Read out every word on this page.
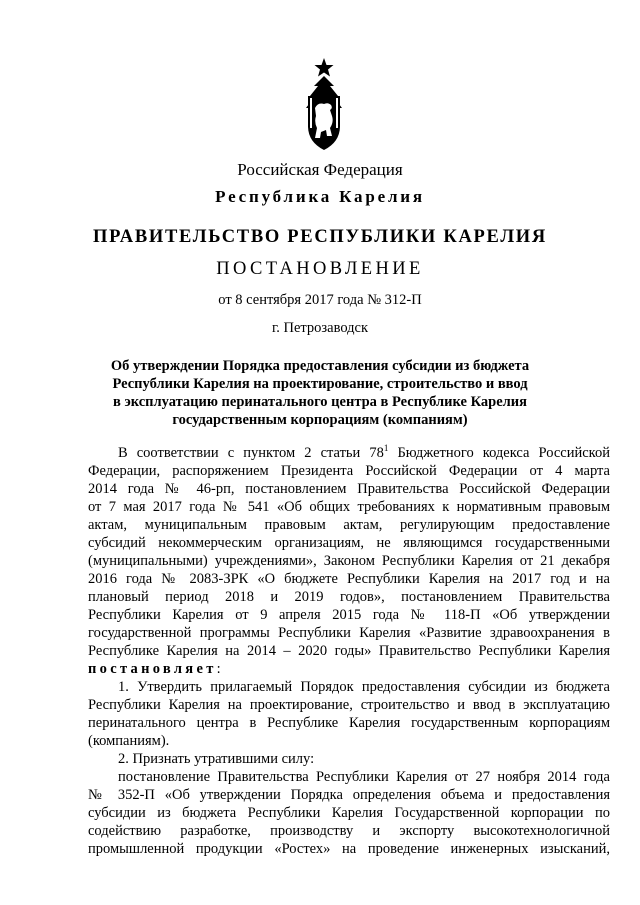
Российская Федерация
Республика Карелия
ПРАВИТЕЛЬСТВО РЕСПУБЛИКИ КАРЕЛИЯ
ПОСТАНОВЛЕНИЕ
от 8 сентября 2017 года № 312-П
г. Петрозаводск
Об утверждении Порядка предоставления субсидии из бюджета
Республики Карелия на проектирование, строительство и ввод
в эксплуатацию перинатального центра в Республике Карелия
государственным корпорациям (компаниям)
В соответствии с пунктом 2 статьи $78^1$ Бюджетного кодекса Российской
Федерации, распоряжением Президента Российской Федерации от 4 марта
2014 года № 46-рп, постановлением Правительства Российской Федерации
от 7 мая 2017 года № 541 «Об общих требованиях к нормативным правовым
актам, муниципальным правовым актам, регулирующим предоставление
субсидий некоммерческим организациям, не являющимся государственными
(муниципальными) учреждениями», Законом Республики Карелия от 21 декабря
2016 года № 2083-ЗРК «О бюджете Республики Карелия на 2017 год и на
плановый период 2018 и 2019 годов», постановлением Правительства
Республики Карелия от 9 апреля 2015 года № 118-П «Об утверждении
государственной программы Республики Карелия «Развитие здравоохранения в
Республике Карелия на 2014 – 2020 годы» Правительство Республики Карелия
постановляет:
1. Утвердить прилагаемый Порядок предоставления субсидии из бюджета
Республики Карелия на проектирование, строительство и ввод в эксплуатацию
перинатального центра в Республике Карелия государственным корпорациям
(компаниям).
2. Признать утратившими силу:
постановление Правительства Республики Карелия от 27 ноября 2014 года
№ 352-П «Об утверждении Порядка определения объема и предоставления
субсидии из бюджета Республики Карелия Государственной корпорации по
содействию разработке, производству и экспорту высокотехнологичной
промышленной продукции «Ростех» на проведение инженерных изысканий,
